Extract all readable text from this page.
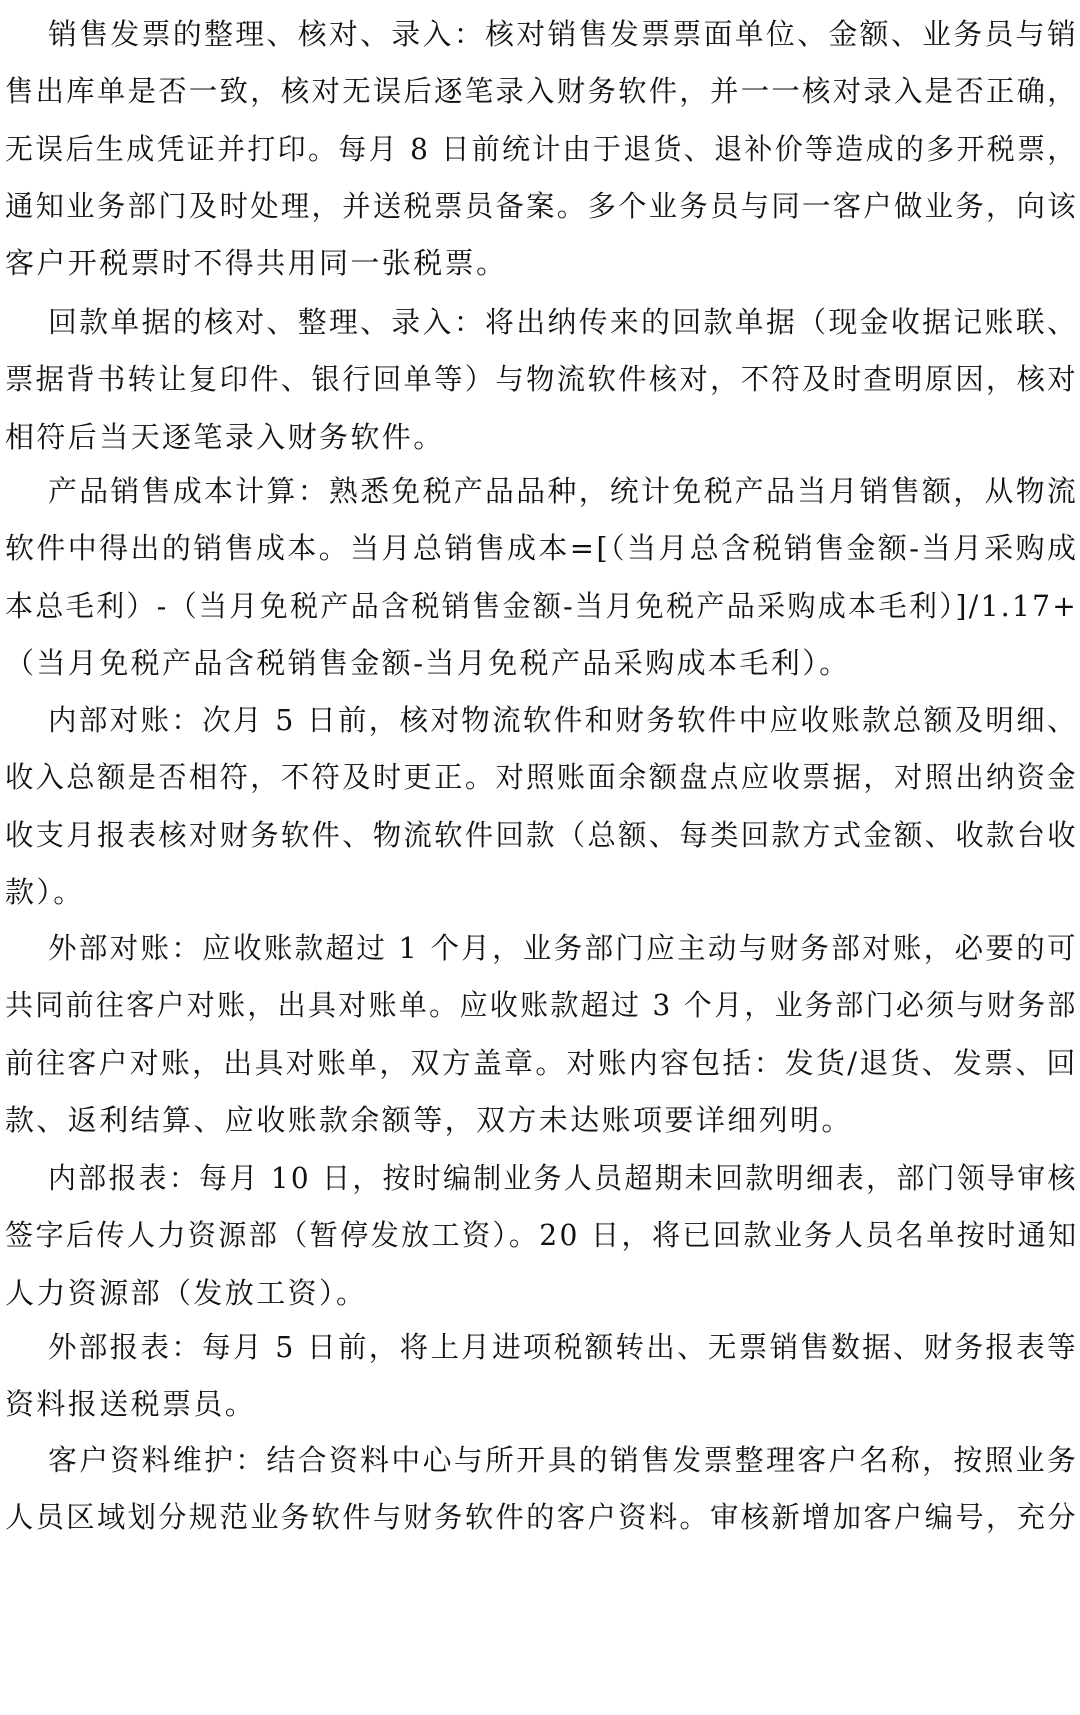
销售发票的整理、核对、录入：核对销售发票票面单位、金额、业务员与销
售出库单是否一致，核对无误后逐笔录入财务软件，并一一核对录入是否正确，
无误后生成凭证并打印。每月 8 日前统计由于退货、退补价等造成的多开税票，
通知业务部门及时处理，并送税票员备案。多个业务员与同一客户做业务，向该
客户开税票时不得共用同一张税票。
回款单据的核对、整理、录入：将出纳传来的回款单据（现金收据记账联、
票据背书转让复印件、银行回单等）与物流软件核对，不符及时查明原因，核对
相符后当天逐笔录入财务软件。
产品销售成本计算：熟悉免税产品品种，统计免税产品当月销售额，从物流
软件中得出的销售成本。当月总销售成本=[（当月总含税销售金额-当月采购成
本总毛利）-（当月免税产品含税销售金额-当月免税产品采购成本毛利）]/1.17+
（当月免税产品含税销售金额-当月免税产品采购成本毛利）。
内部对账：次月 5 日前，核对物流软件和财务软件中应收账款总额及明细、
收入总额是否相符，不符及时更正。对照账面余额盘点应收票据，对照出纳资金
收支月报表核对财务软件、物流软件回款（总额、每类回款方式金额、收款台收
款）。
外部对账：应收账款超过 1 个月，业务部门应主动与财务部对账，必要的可
共同前往客户对账，出具对账单。应收账款超过 3 个月，业务部门必须与财务部
前往客户对账，出具对账单，双方盖章。对账内容包括：发货/退货、发票、回
款、返利结算、应收账款余额等，双方未达账项要详细列明。
内部报表：每月 10 日，按时编制业务人员超期未回款明细表，部门领导审核
签字后传人力资源部（暂停发放工资）。20 日，将已回款业务人员名单按时通知
人力资源部（发放工资）。
外部报表：每月 5 日前，将上月进项税额转出、无票销售数据、财务报表等
资料报送税票员。
客户资料维护：结合资料中心与所开具的销售发票整理客户名称，按照业务
人员区域划分规范业务软件与财务软件的客户资料。审核新增加客户编号，充分
